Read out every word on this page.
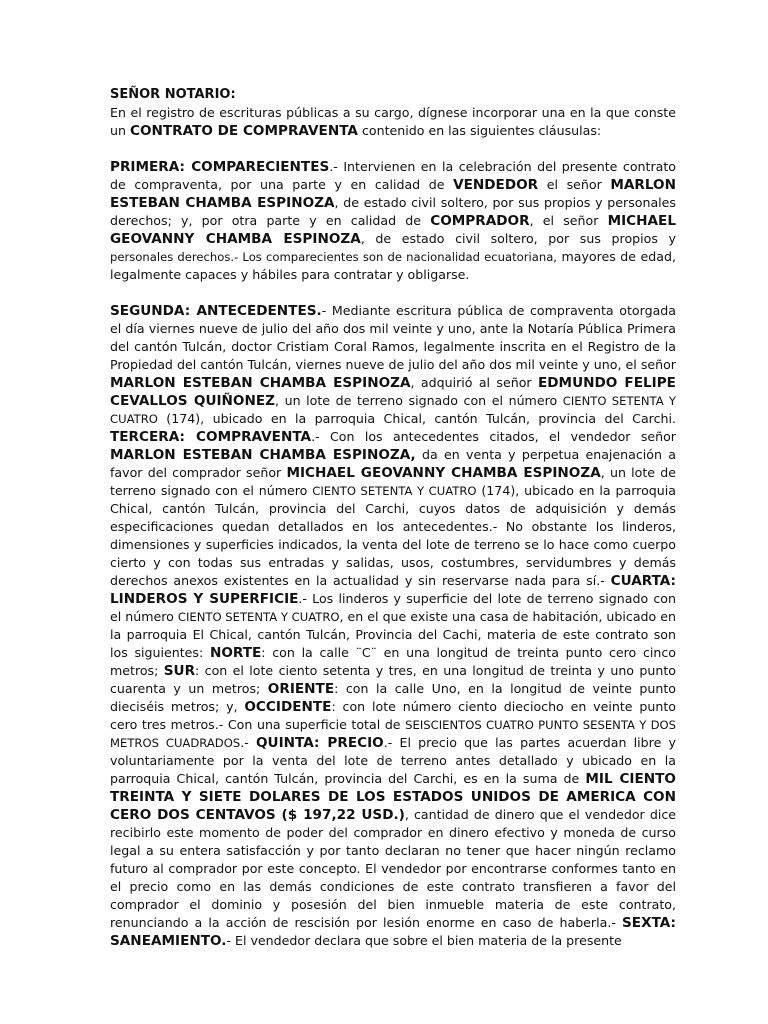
SEÑOR NOTARIO:

En el registro de escrituras públicas a su cargo, dígnese incorporar una en la que conste un CONTRATO DE COMPRAVENTA contenido en las siguientes cláusulas:

PRIMERA: COMPARECIENTES.- Intervienen en la celebración del presente contrato de compraventa, por una parte y en calidad de VENDEDOR el señor MARLON ESTEBAN CHAMBA ESPINOZA, de estado civil soltero, por sus propios y personales derechos; y, por otra parte y en calidad de COMPRADOR, el señor MICHAEL GEOVANNY CHAMBA ESPINOZA, de estado civil soltero, por sus propios y personales derechos.- Los comparecientes son de nacionalidad ecuatoriana, mayores de edad, legalmente capaces y hábiles para contratar y obligarse.

SEGUNDA: ANTECEDENTES.- Mediante escritura pública de compraventa otorgada el día viernes nueve de julio del año dos mil veinte y uno, ante la Notaría Pública Primera del cantón Tulcán, doctor Cristiam Coral Ramos, legalmente inscrita en el Registro de la Propiedad del cantón Tulcán, viernes nueve de julio del año dos mil veinte y uno, el señor MARLON ESTEBAN CHAMBA ESPINOZA, adquirió al señor EDMUNDO FELIPE CEVALLOS QUIÑONEZ, un lote de terreno signado con el número CIENTO SETENTA Y CUATRO (174), ubicado en la parroquia Chical, cantón Tulcán, provincia del Carchi. TERCERA: COMPRAVENTA.- Con los antecedentes citados, el vendedor señor MARLON ESTEBAN CHAMBA ESPINOZA, da en venta y perpetua enajenación a favor del comprador señor MICHAEL GEOVANNY CHAMBA ESPINOZA, un lote de terreno signado con el número CIENTO SETENTA Y CUATRO (174), ubicado en la parroquia Chical, cantón Tulcán, provincia del Carchi, cuyos datos de adquisición y demás especificaciones quedan detallados en los antecedentes.- No obstante los linderos, dimensiones y superficies indicados, la venta del lote de terreno se lo hace como cuerpo cierto y con todas sus entradas y salidas, usos, costumbres, servidumbres y demás derechos anexos existentes en la actualidad y sin reservarse nada para sí.- CUARTA: LINDEROS Y SUPERFICIE.- Los linderos y superficie del lote de terreno signado con el número CIENTO SETENTA Y CUATRO, en el que existe una casa de habitación, ubicado en la parroquia El Chical, cantón Tulcán, Provincia del Cachi, materia de este contrato son los siguientes: NORTE: con la calle ¨C¨ en una longitud de treinta punto cero cinco metros; SUR: con el lote ciento setenta y tres, en una longitud de treinta y uno punto cuarenta y un metros; ORIENTE: con la calle Uno, en la longitud de veinte punto dieciséis metros; y, OCCIDENTE: con lote número ciento dieciocho en veinte punto cero tres metros.- Con una superficie total de SEISCIENTOS CUATRO PUNTO SESENTA Y DOS METROS CUADRADOS.- QUINTA: PRECIO.- El precio que las partes acuerdan libre y voluntariamente por la venta del lote de terreno antes detallado y ubicado en la parroquia Chical, cantón Tulcán, provincia del Carchi, es en la suma de MIL CIENTO TREINTA Y SIETE DOLARES DE LOS ESTADOS UNIDOS DE AMERICA CON CERO DOS CENTAVOS ($ 197,22 USD.), cantidad de dinero que el vendedor dice recibirlo este momento de poder del comprador en dinero efectivo y moneda de curso legal a su entera satisfacción y por tanto declaran no tener que hacer ningún reclamo futuro al comprador por este concepto. El vendedor por encontrarse conformes tanto en el precio como en las demás condiciones de este contrato transfieren a favor del comprador el dominio y posesión del bien inmueble materia de este contrato, renunciando a la acción de rescisión por lesión enorme en caso de haberla.- SEXTA: SANEAMIENTO.- El vendedor declara que sobre el bien materia de la presente
